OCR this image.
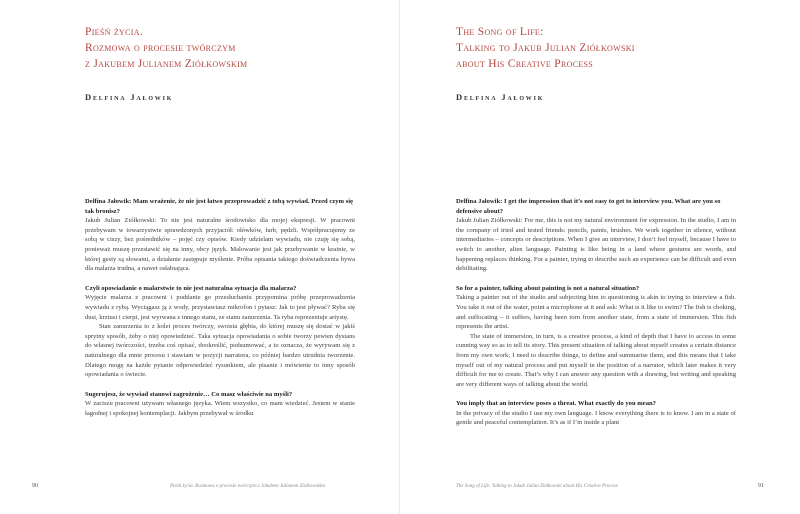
Pieśń życia.
Rozmowa o procesie twórczym
z Jakubem Julianem Ziółkowskim
Delfina Jałowik

Delfina Jałowik: Mam wrażenie, że nie jest łatwo przeprowadzić z tobą wywiad. Przed czym się tak bronisz?

Jakub Julian Ziółkowski: To nie jest naturalne środowisko dla mojej ekspresji. W pracowni przebywam w towarzystwie sprawdzonych przyjaciół: ołówków, farb, pędzli. Współpracujemy ze sobą w ciszy, bez pośredników – pojęć czy opisów. Kiedy udzielam wywiadu, nie czuję się sobą, ponieważ muszę przestawić się na inny, obcy język. Malowanie jest jak przebywanie w krainie, w której gesty są słowami, a działanie zastępuje myślenie. Próba opisania takiego doświadczenia bywa dla malarza trudna, a nawet osłabiająca.

Czyli opowiadanie o malarstwie to nie jest naturalna sytuacja dla malarza?

Wyjęcie malarza z pracowni i poddanie go przesłuchaniu przypomina próbę przeprowadzenia wywiadu z rybą. Wyciągasz ją z wody, przystawiasz mikrofon i pytasz: Jak to jest pływać? Ryba się dusi, krztusi i cierpi, jest wyrwana z innego stanu, ze stanu zanurzenia. Ta ryba reprezentuje artystę.

Stan zanurzenia to z kolei proces twórczy, swoista głębia, do której muszę się dostać w jakiś sprytny sposób, żeby o niej opowiedzieć. Taka sytuacja opowiadania o sobie tworzy pewien dystans do własnej twórczości, trzeba coś opisać, dookreślić, podsumować, a to oznacza, że wyrywam się z naturalnego dla mnie procesu i stawiam w pozycji narratora, co później bardzo utrudnia tworzenie. Dlatego mogę na każde pytanie odpowiedzieć rysunkiem, ale pisanie i mówienie to inny sposób opowiadania o świecie.

Sugerujesz, że wywiad stanowi zagrożenie… Co masz właściwie na myśli?

W zaciszu pracowni używam własnego języka. Wiem wszystko, co mam wiedzieć. Jestem w stanie łagodnej i spokojnej kontemplacji. Jakbym przebywał w środku

90	Pieśń życia. Rozmowa o procesie twórczym z Jakubem Julianem Ziółkowskim
The Song of Life:
Talking to Jakub Julian Ziółkowski
about His Creative Process
Delfina Jałowik

Delfina Jałowik: I get the impression that it’s not easy to get to interview you. What are you so defensive about?

Jakub Julian Ziółkowski: For me, this is not my natural environment for expression. In the studio, I am in the company of tried and tested friends: pencils, paints, brushes. We work together in silence, without intermediaries – concepts or descriptions. When I give an interview, I don’t feel myself, because I have to switch to another, alien language. Painting is like being in a land where gestures are words, and happening replaces thinking. For a painter, trying to describe such an experience can be difficult and even debilitating.

So for a painter, talking about painting is not a natural situation?

Taking a painter out of the studio and subjecting him to questioning is akin to trying to interview a fish. You take it out of the water, point a microphone at it and ask: What is it like to swim? The fish is choking, and suffocating – it suffers, having been torn from another state, from a state of immersion. This fish represents the artist.

The state of immersion, in turn, is a creative process, a kind of depth that I have to access in some cunning way so as to tell its story. This present situation of talking about myself creates a certain distance from my own work; I need to describe things, to define and summarise them, and this means that I take myself out of my natural process and put myself in the position of a narrator, which later makes it very difficult for me to create. That’s why I can answer any question with a drawing, but writing and speaking are very different ways of talking about the world.

You imply that an interview poses a threat. What exactly do you mean?

In the privacy of the studio I use my own language. I know everything there is to know. I am in a state of gentle and peaceful contemplation. It’s as if I’m inside a plant

The Song of Life: Talking to Jakub Julian Ziółkowski about His Creative Process	91
